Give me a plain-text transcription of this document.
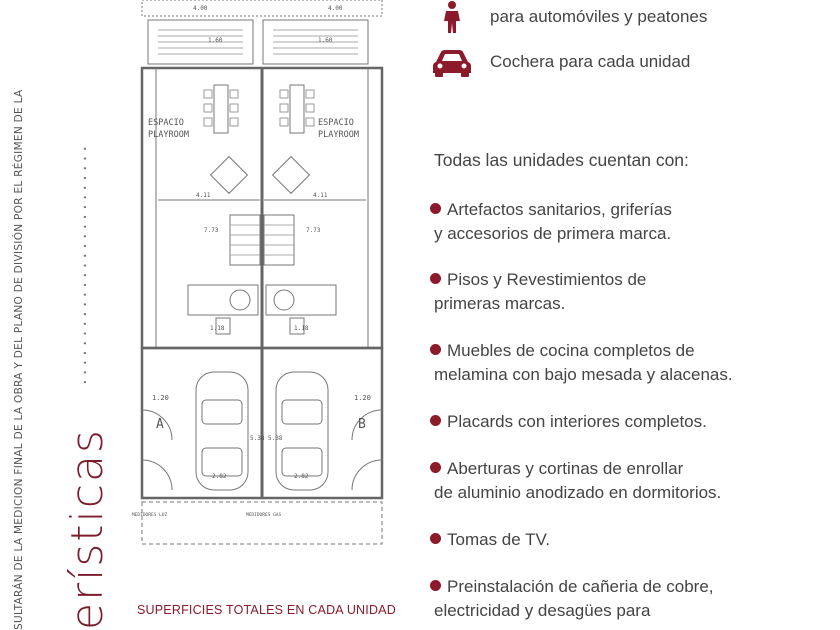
SULTARÁN DE LA MEDICION FINAL DE LA OBRA Y DEL PLANO DE DIVISIÓN POR EL RÉGIMEN DE LA	.........................
erísticas
ESPACIO
PLAYROOM
ESPACIO
PLAYROOM
4.00	4.00
1.60	1.60
4.11	4.11
7.73	7.73
1.18	1.18
1.20	1.20
5.38 5.38
2.82	2.82
A	B
MEDIDORES LUZ	MEDIDORES GAS
SUPERFICIES TOTALES EN CADA UNIDAD
para automóviles y peatones
Cochera para cada unidad
Todas las unidades cuentan con:
Artefactos sanitarios, griferías
y accesorios de primera marca.
Pisos y Revestimientos de
primeras marcas.
Muebles de cocina completos de
melamina con bajo mesada y alacenas.
Placards con interiores completos.
Aberturas y cortinas de enrollar
de aluminio anodizado en dormitorios.
Tomas de TV.
Preinstalación de cañeria de cobre,
electricidad y desagües para
